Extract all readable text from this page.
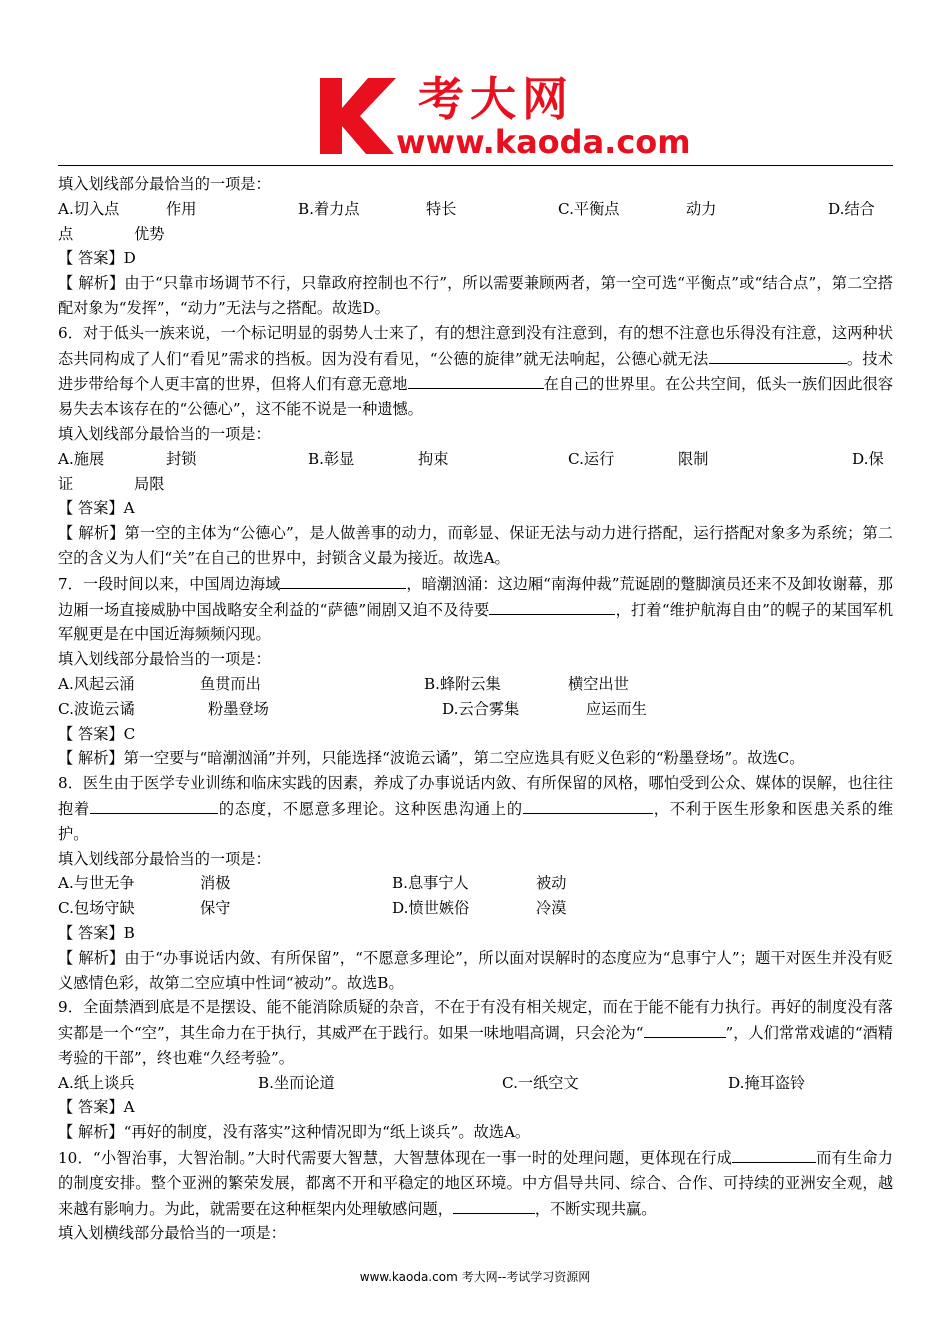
考大网
www.kaoda.com

填入划线部分最恰当的一项是：

A.切入点	作用	B.着力点	特长	C.平衡点	动力	D.结合
点	优势

【 答案】D

【 解析】由于“只靠市场调节不行，只靠政府控制也不行”，所以需要兼顾两者，第一空可选“平衡点”或“结合点”，第二空搭配对象为“发挥”，“动力”无法与之搭配。故选D。

6．对于低头一族来说，一个标记明显的弱势人士来了，有的想注意到没有注意到，有的想不注意也乐得没有注意，这两种状态共同构成了人们“看见”需求的挡板。因为没有看见，“公德的旋律”就无法响起，公德心就无法	。技术进步带给每个人更丰富的世界，但将人们有意无意地	在自己的世界里。在公共空间，低头一族们因此很容易失去本该存在的“公德心”，这不能不说是一种遗憾。

填入划线部分最恰当的一项是：

A.施展	封锁	B.彰显	拘束	C.运行	限制	D.保
证	局限

【 答案】A

【 解析】第一空的主体为“公德心”，是人做善事的动力，而彰显、保证无法与动力进行搭配，运行搭配对象多为系统；第二空的含义为人们“关”在自己的世界中，封锁含义最为接近。故选A。

7．一段时间以来，中国周边海域	，暗潮汹涌：这边厢“南海仲裁”荒诞剧的蹩脚演员还来不及卸妆谢幕，那边厢一场直接威胁中国战略安全利益的“萨德”闹剧又迫不及待要	，打着“维护航海自由”的幌子的某国军机军舰更是在中国近海频频闪现。

填入划线部分最恰当的一项是：

A.风起云涌	鱼贯而出	B.蜂附云集	横空出世
C.波诡云谲	粉墨登场	D.云合雾集	应运而生

【 答案】C

【 解析】第一空要与“暗潮汹涌”并列，只能选择“波诡云谲”，第二空应选具有贬义色彩的“粉墨登场”。故选C。

8．医生由于医学专业训练和临床实践的因素，养成了办事说话内敛、有所保留的风格，哪怕受到公众、媒体的误解，也往往抱着	的态度，不愿意多理论。这种医患沟通上的	，不利于医生形象和医患关系的维护。

填入划线部分最恰当的一项是：

A.与世无争	消极	B.息事宁人	被动
C.包场守缺	保守	D.愤世嫉俗	冷漠

【 答案】B

【 解析】由于“办事说话内敛、有所保留”，“不愿意多理论”，所以面对误解时的态度应为“息事宁人”；题干对医生并没有贬义感情色彩，故第二空应填中性词“被动”。故选B。

9．全面禁酒到底是不是摆设、能不能消除质疑的杂音，不在于有没有相关规定，而在于能不能有力执行。再好的制度没有落实都是一个“空”，其生命力在于执行，其威严在于践行。如果一味地唱高调，只会沦为“	”，人们常常戏谑的“酒精考验的干部”，终也难“久经考验”。

A.纸上谈兵	B.坐而论道	C.一纸空文	D.掩耳盗铃

【 答案】A

【 解析】“再好的制度，没有落实”这种情况即为“纸上谈兵”。故选A。

10．“小智治事，大智治制。”大时代需要大智慧，大智慧体现在一事一时的处理问题，更体现在行成	而有生命力的制度安排。整个亚洲的繁荣发展，都离不开和平稳定的地区环境。中方倡导共同、综合、合作、可持续的亚洲安全观，越来越有影响力。为此，就需要在这种框架内处理敏感问题，	，不断实现共赢。

填入划横线部分最恰当的一项是：

www.kaoda.com 考大网--考试学习资源网
